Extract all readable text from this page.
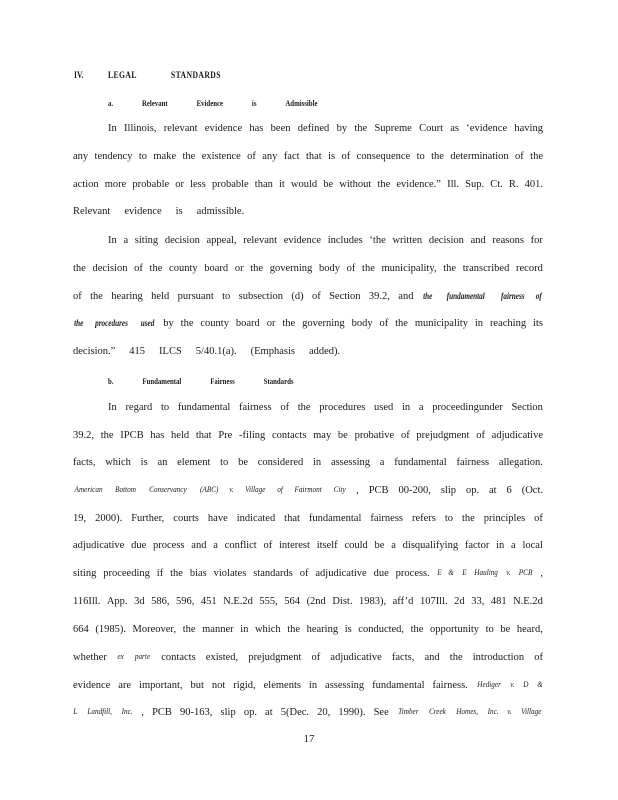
IV.	LEGAL	STANDARDS
a.	Relevant	Evidence	is	Admissible
b.	Fundamental	Fairness	Standards
In Illinois, relevant evidence has been defined by the Supreme Court as ‘evidence having
any tendency to make the existence of any fact that is of consequence to the determination of the
action more probable or less probable than it would be without the evidence.” Ill. Sup. Ct. R. 401.
Relevant evidence is admissible.
In a siting decision appeal, relevant evidence includes ‘the written decision and reasons for
the decision of the county board or the governing body of the municipality, the transcribed record
of the hearing held pursuant to subsection (d) of Section 39.2, and the fundamental fairness of
the procedures used by the county board or the governing body of the municipality in reaching its
decision.” 415 ILCS 5/40.1(a). (Emphasis added).
In regard to fundamental fairness of the procedures used in a proceedingunder Section
39.2, the IPCB has held that Pre -filing contacts may be probative of prejudgment of adjudicative
facts, which is an element to be considered in assessing a fundamental fairness allegation.
American Bottom Conservancy (ABC) v. Village of Fairmont City , PCB 00-200, slip op. at 6 (Oct.
19, 2000). Further, courts have indicated that fundamental fairness refers to the principles of
adjudicative due process and a conflict of interest itself could be a disqualifying factor in a local
siting proceeding if the bias violates standards of adjudicative due process. E & E Hauling v. PCB ,
116Ill. App. 3d 586, 596, 451 N.E.2d 555, 564 (2nd Dist. 1983), aff’d 107Ill. 2d 33, 481 N.E.2d
664 (1985). Moreover, the manner in which the hearing is conducted, the opportunity to be heard,
whether ex parte contacts existed, prejudgment of adjudicative facts, and the introduction of
evidence are important, but not rigid, elements in assessing fundamental fairness. Hediger v. D &
L Landfill, Inc. , PCB 90-163, slip op. at 5(Dec. 20, 1990). See Timber Creek Homes, Inc. v. Village
17
